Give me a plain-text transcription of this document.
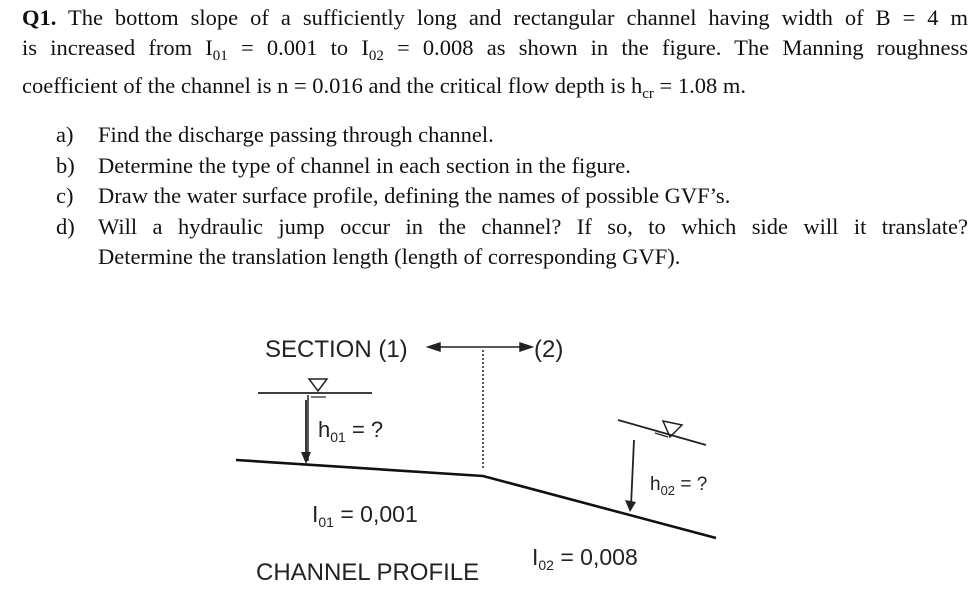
Q1. The bottom slope of a sufficiently long and rectangular channel having width of B = 4 m
is increased from $I_{01} = 0.001$ to $I_{02} = 0.008$ as shown in the figure. The Manning roughness
coefficient of the channel is n = 0.016 and the critical flow depth is $h_{cr} = 1.08$ m.
a) Find the discharge passing through channel.
b) Determine the type of channel in each section in the figure.
c) Draw the water surface profile, defining the names of possible GVF’s.
d) Will a hydraulic jump occur in the channel? If so, to which side will it translate?
Determine the translation length (length of corresponding GVF).
SECTION (1)	(2)
$h_{01}$ = ?
$h_{02}$ = ?
$I_{01} = 0,001$
$I_{02} = 0,008$
CHANNEL PROFILE
